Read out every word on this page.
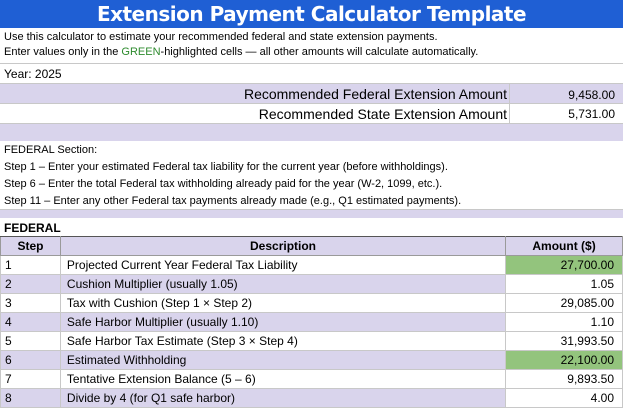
Extension Payment Calculator Template
Use this calculator to estimate your recommended federal and state extension payments.
Enter values only in the GREEN-highlighted cells — all other amounts will calculate automatically.
Year: 2025
Recommended Federal Extension Amount	9,458.00
Recommended State Extension Amount	5,731.00
FEDERAL Section:
Step 1 – Enter your estimated Federal tax liability for the current year (before withholdings).
Step 6 – Enter the total Federal tax withholding already paid for the year (W-2, 1099, etc.).
Step 11 – Enter any other Federal tax payments already made (e.g., Q1 estimated payments).
FEDERAL
Step	Description	Amount ($)
1	Projected Current Year Federal Tax Liability	27,700.00
2	Cushion Multiplier (usually 1.05)	1.05
3	Tax with Cushion (Step 1 × Step 2)	29,085.00
4	Safe Harbor Multiplier (usually 1.10)	1.10
5	Safe Harbor Tax Estimate (Step 3 × Step 4)	31,993.50
6	Estimated Withholding	22,100.00
7	Tentative Extension Balance (5 – 6)	9,893.50
8	Divide by 4 (for Q1 safe harbor)	4.00
